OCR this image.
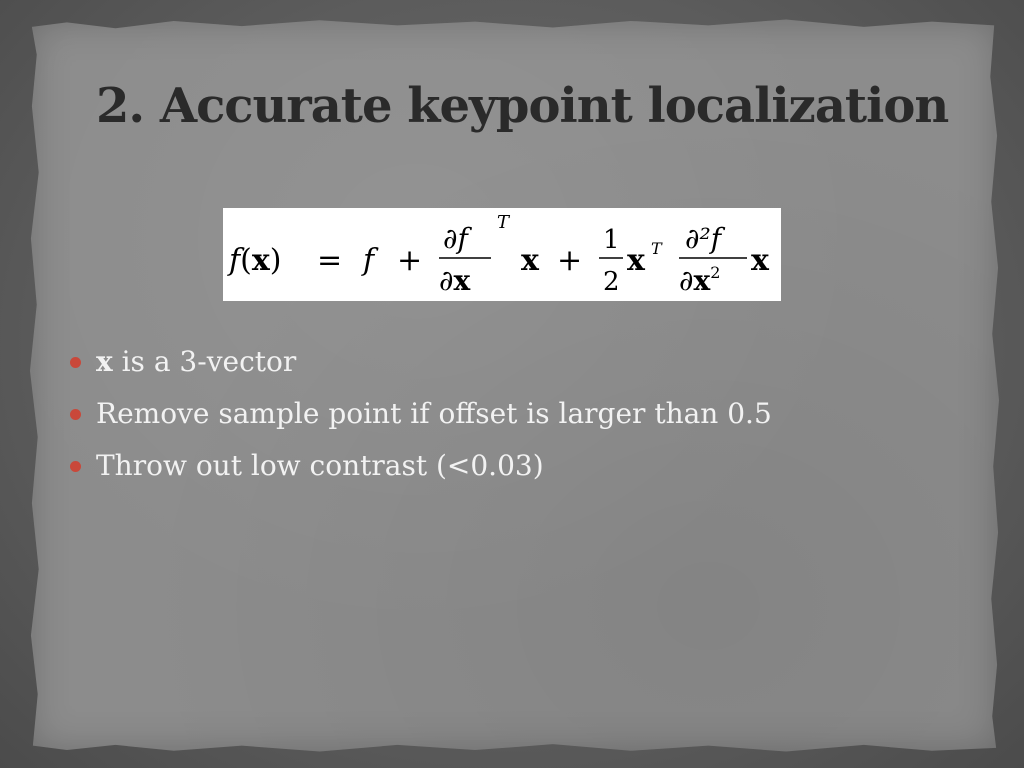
2. Accurate keypoint localization
f(x) = f +
∂f
∂x
T
x +
1
2
x T ∂²f
$\partial x^2$ x
x is a 3-vector
Remove sample point if offset is larger than 0.5
Throw out low contrast (<0.03)
